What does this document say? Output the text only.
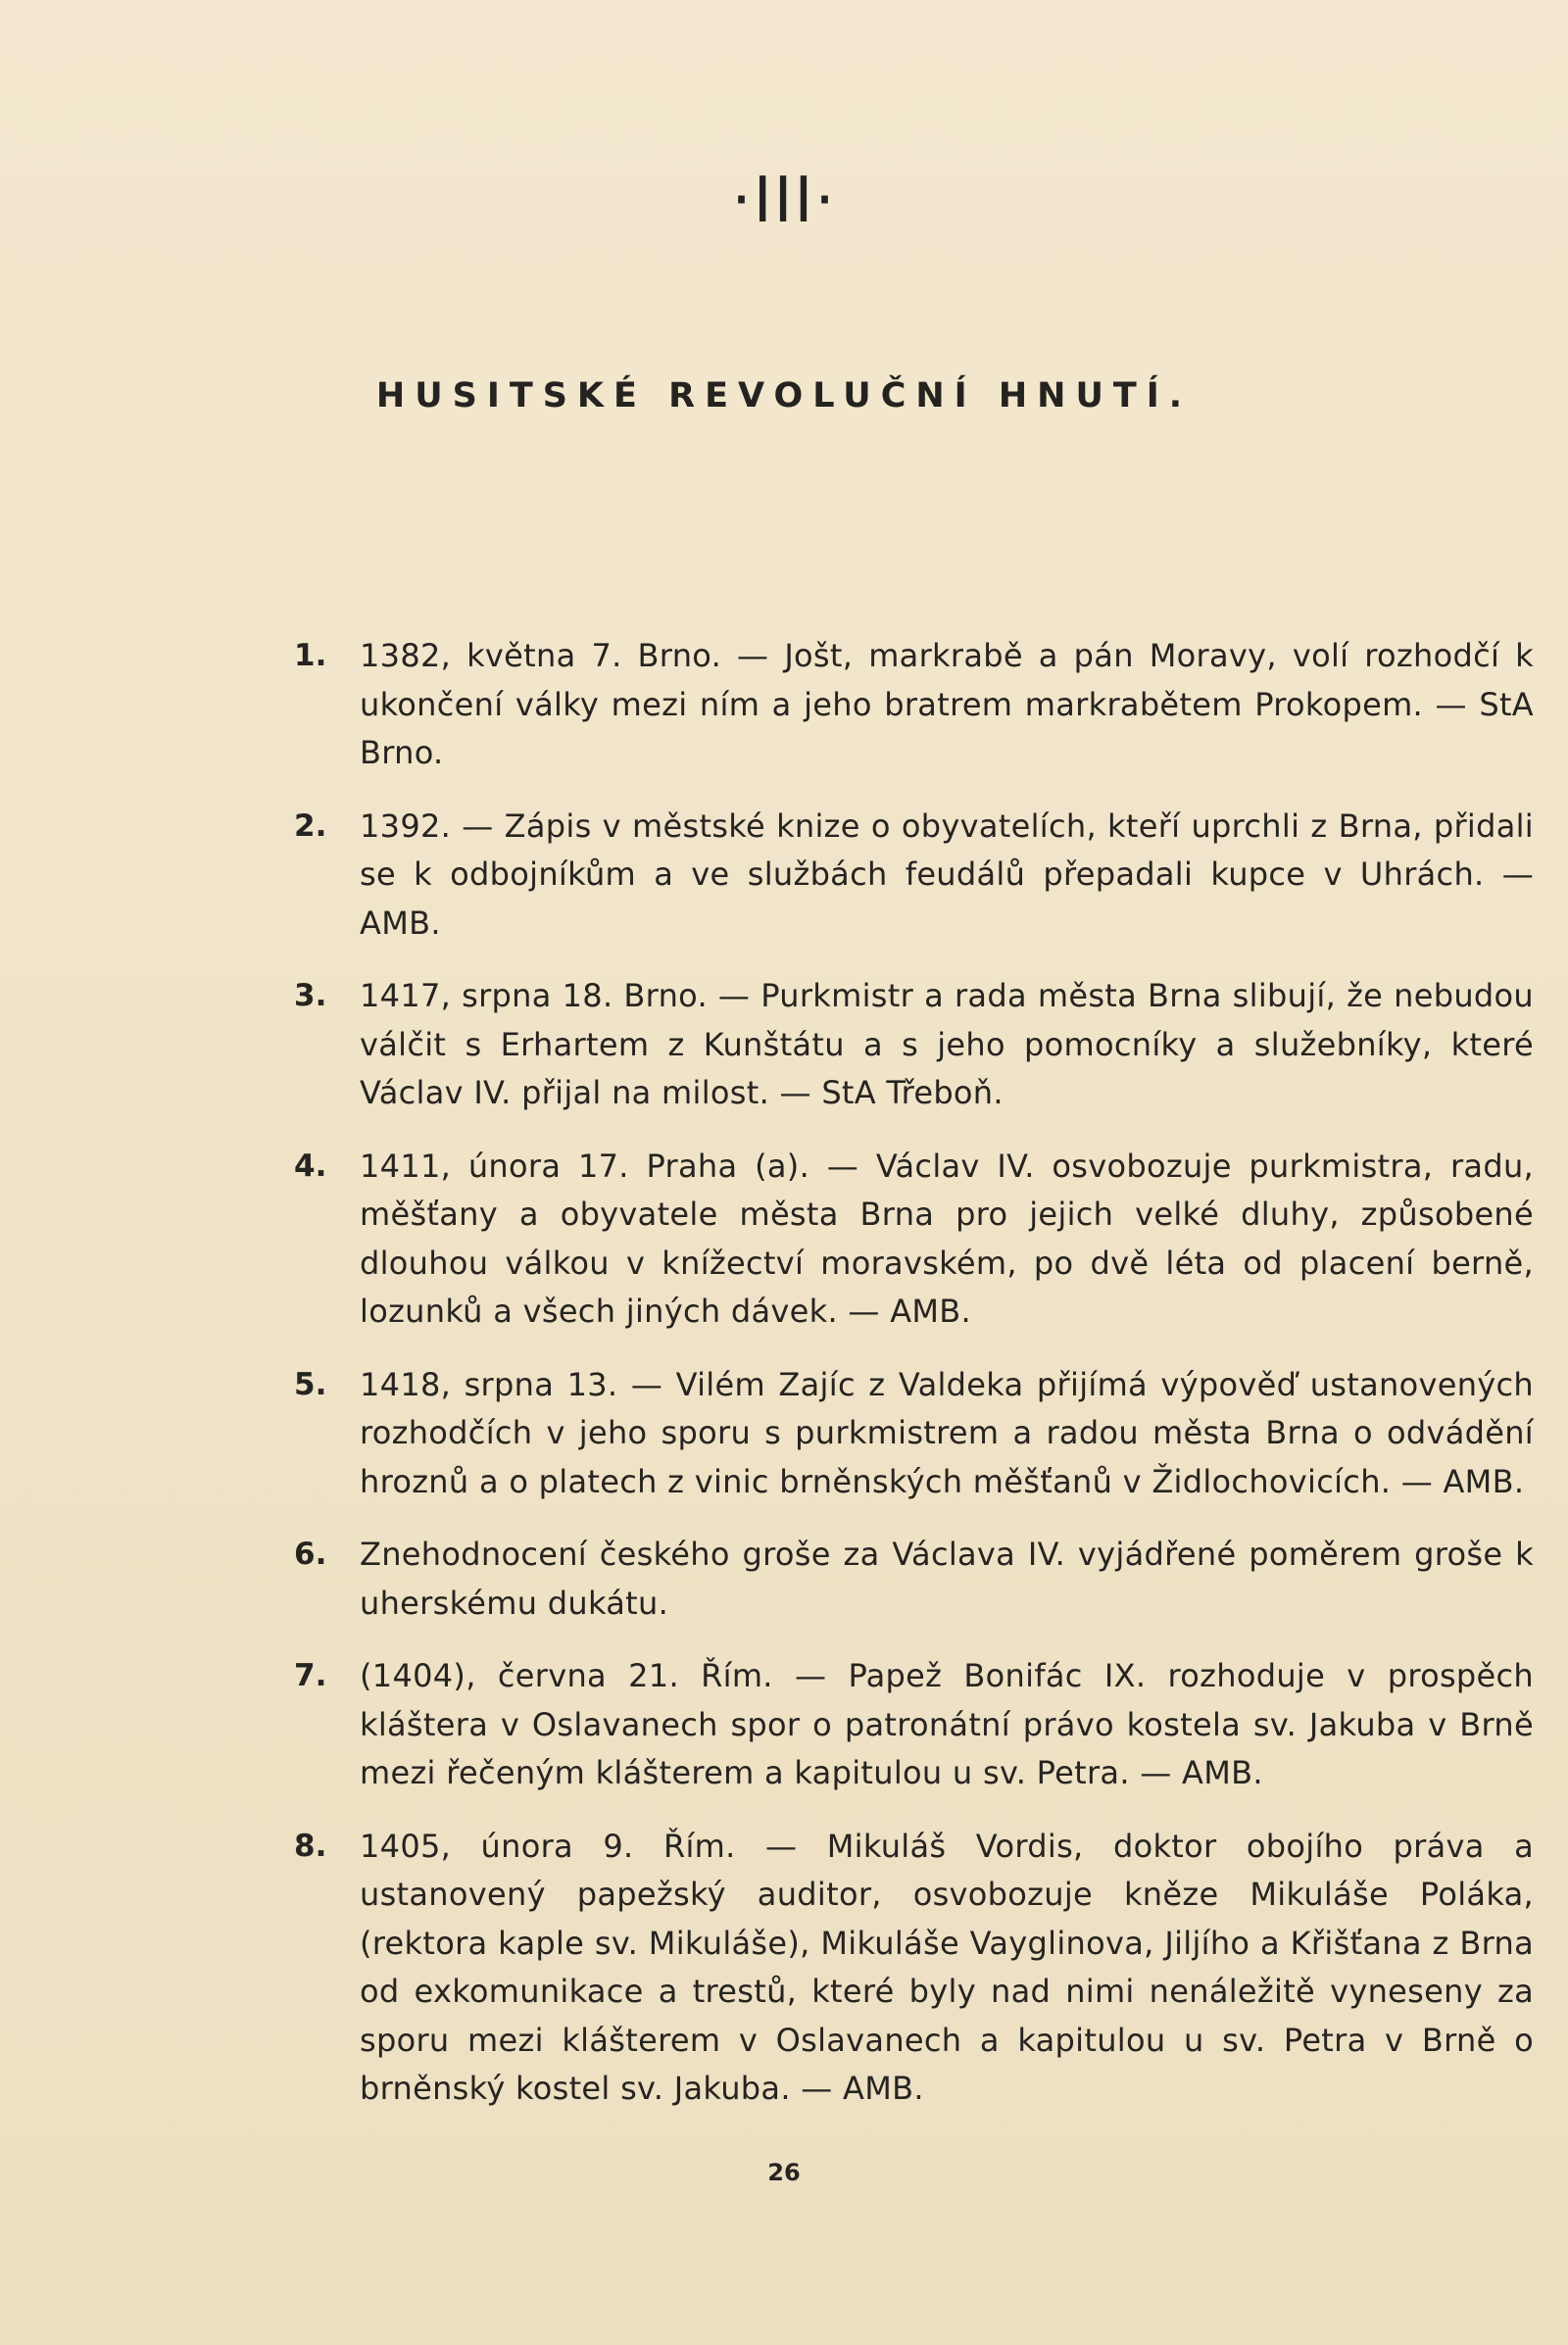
·III·
HUSITSKÉ REVOLUČNÍ HNUTÍ.
1. 1382, května 7. Brno. — Jošt, markrabě a pán Moravy, volí rozhodčí k ukončení války mezi ním a jeho bratrem markrabětem Prokopem. — StA Brno.
2. 1392. — Zápis v městské knize o obyvatelích, kteří uprchli z Brna, přidali se k odbojníkům a ve službách feudálů přepadali kupce v Uhrách. — AMB.
3. 1417, srpna 18. Brno. — Purkmistr a rada města Brna slibují, že nebudou válčit s Erhartem z Kunštátu a s jeho pomocníky a služebníky, které Václav IV. přijal na milost. — StA Třeboň.
4. 1411, února 17. Praha (a). — Václav IV. osvobozuje purkmistra, radu, měšťany a obyvatele města Brna pro jejich velké dluhy, způsobené dlouhou válkou v knížectví moravském, po dvě léta od placení berně, lozunků a všech jiných dávek. — AMB.
5. 1418, srpna 13. — Vilém Zajíc z Valdeka přijímá výpověď ustanovených rozhodčích v jeho sporu s purkmistrem a radou města Brna o odvádění hroznů a o platech z vinic brněnských měšťanů v Židlochovicích. — AMB.
6. Znehodnocení českého groše za Václava IV. vyjádřené poměrem groše k uherskému dukátu.
7. (1404), června 21. Řím. — Papež Bonifác IX. rozhoduje v prospěch kláštera v Oslavanech spor o patronátní právo kostela sv. Jakuba v Brně mezi řečeným klášterem a kapitulou u sv. Petra. — AMB.
8. 1405, února 9. Řím. — Mikuláš Vordis, doktor obojího práva a ustanovený papežský auditor, osvobozuje kněze Mikuláše Poláka, (rektora kaple sv. Mikuláše), Mikuláše Vayglinova, Jiljího a Křišťana z Brna od exkomunikace a trestů, které byly nad nimi nenáležitě vyneseny za sporu mezi klášterem v Oslavanech a kapitulou u sv. Petra v Brně o brněnský kostel sv. Jakuba. — AMB.
26
